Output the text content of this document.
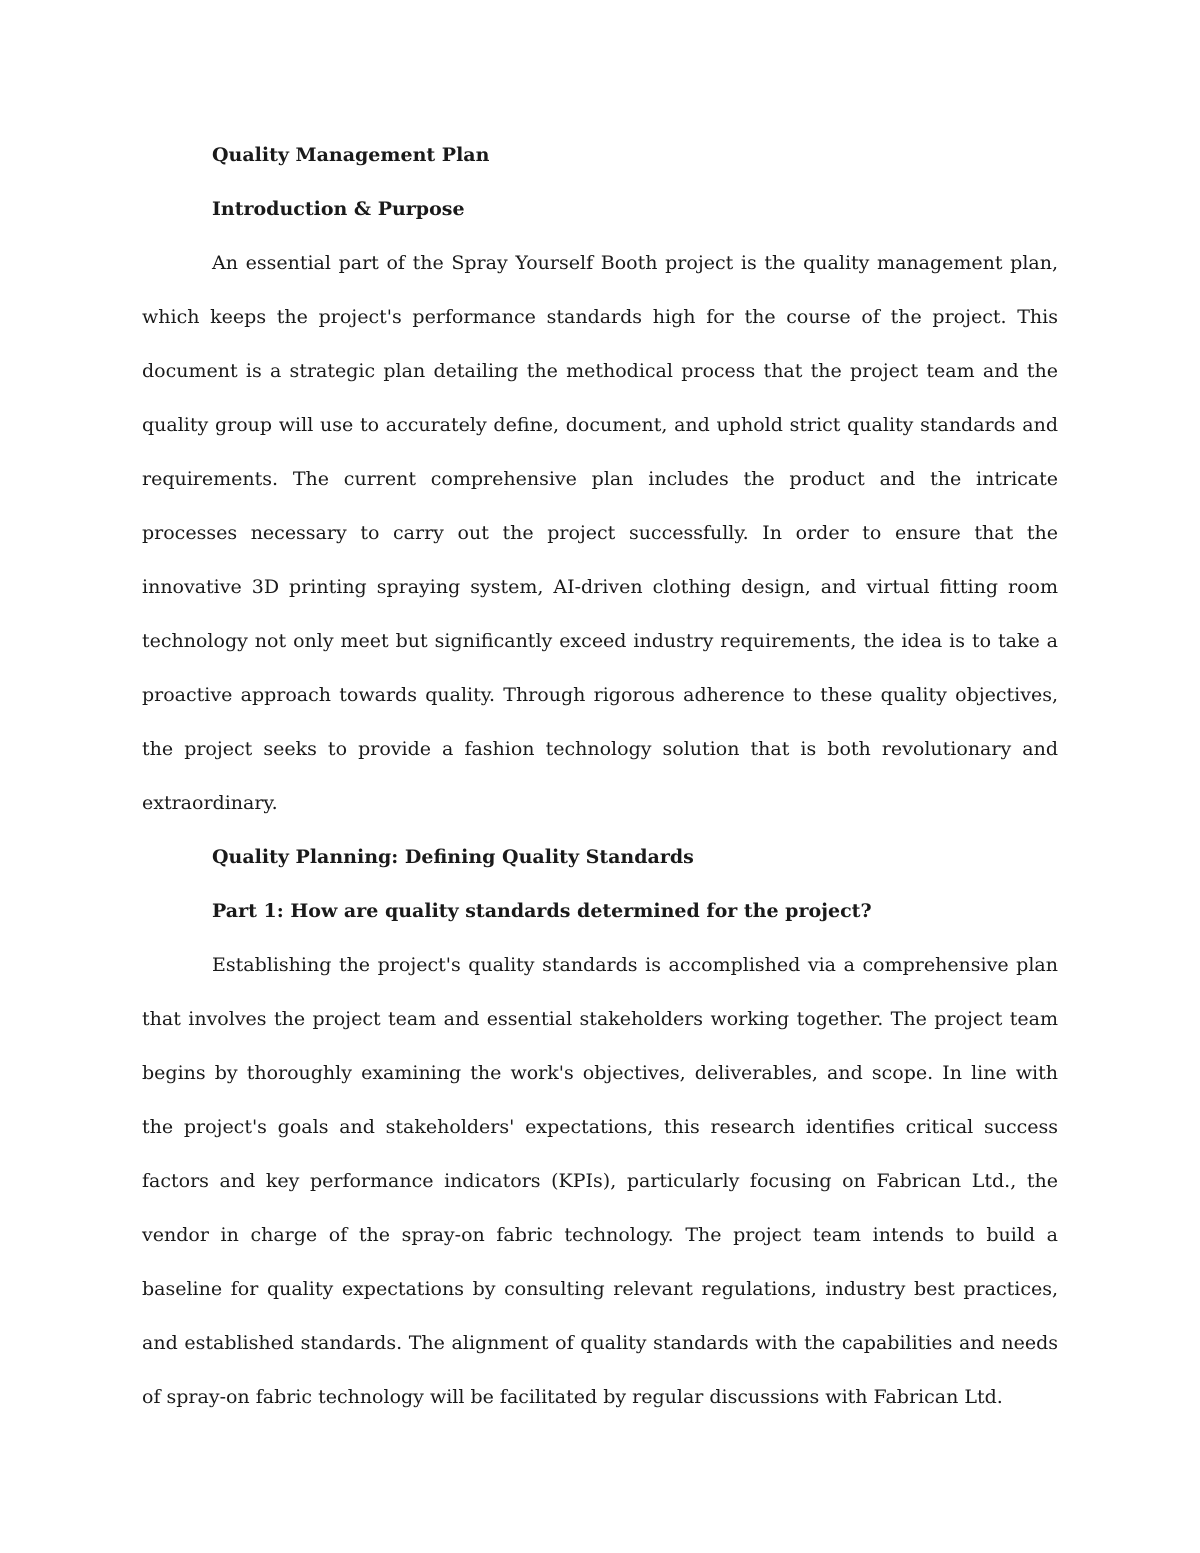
Quality Management Plan

Introduction & Purpose

An essential part of the Spray Yourself Booth project is the quality management plan, which keeps the project's performance standards high for the course of the project. This document is a strategic plan detailing the methodical process that the project team and the quality group will use to accurately define, document, and uphold strict quality standards and requirements. The current comprehensive plan includes the product and the intricate processes necessary to carry out the project successfully. In order to ensure that the innovative 3D printing spraying system, AI-driven clothing design, and virtual fitting room technology not only meet but significantly exceed industry requirements, the idea is to take a proactive approach towards quality. Through rigorous adherence to these quality objectives, the project seeks to provide a fashion technology solution that is both revolutionary and extraordinary.

Quality Planning: Defining Quality Standards

Part 1: How are quality standards determined for the project?

Establishing the project's quality standards is accomplished via a comprehensive plan that involves the project team and essential stakeholders working together. The project team begins by thoroughly examining the work's objectives, deliverables, and scope. In line with the project's goals and stakeholders' expectations, this research identifies critical success factors and key performance indicators (KPIs), particularly focusing on Fabrican Ltd., the vendor in charge of the spray-on fabric technology. The project team intends to build a baseline for quality expectations by consulting relevant regulations, industry best practices, and established standards. The alignment of quality standards with the capabilities and needs of spray-on fabric technology will be facilitated by regular discussions with Fabrican Ltd.
